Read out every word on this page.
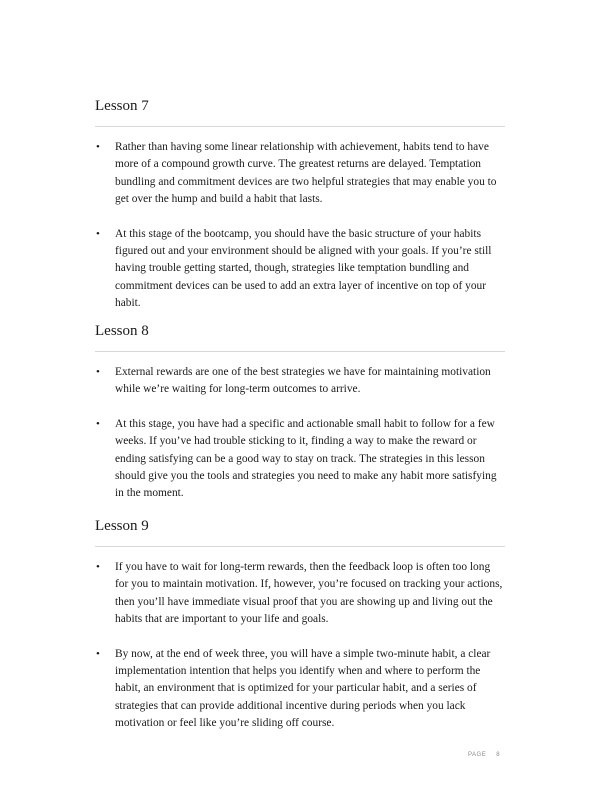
Lesson 7
• Rather than having some linear relationship with achievement, habits tend to have more of a compound growth curve. The greatest returns are delayed. Temptation bundling and commitment devices are two helpful strategies that may enable you to get over the hump and build a habit that lasts.
• At this stage of the bootcamp, you should have the basic structure of your habits figured out and your environment should be aligned with your goals. If you’re still having trouble getting started, though, strategies like temptation bundling and commitment devices can be used to add an extra layer of incentive on top of your habit.
Lesson 8
• External rewards are one of the best strategies we have for maintaining motivation while we’re waiting for long-term outcomes to arrive.
• At this stage, you have had a specific and actionable small habit to follow for a few weeks. If you’ve had trouble sticking to it, finding a way to make the reward or ending satisfying can be a good way to stay on track. The strategies in this lesson should give you the tools and strategies you need to make any habit more satisfying in the moment.
Lesson 9
• If you have to wait for long-term rewards, then the feedback loop is often too long for you to maintain motivation. If, however, you’re focused on tracking your actions, then you’ll have immediate visual proof that you are showing up and living out the habits that are important to your life and goals.
• By now, at the end of week three, you will have a simple two-minute habit, a clear implementation intention that helps you identify when and where to perform the habit, an environment that is optimized for your particular habit, and a series of strategies that can provide additional incentive during periods when you lack motivation or feel like you’re sliding off course.
PAGE 8
